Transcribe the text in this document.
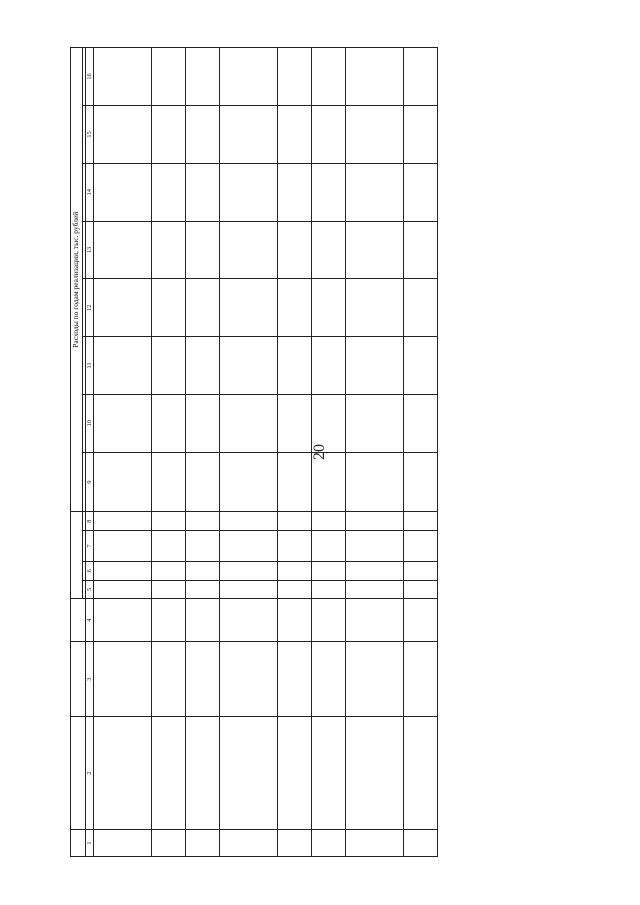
20
								Расходы по годам реализации, тыс. рублей							

1	2	3	4	5	6	7	8	9	10	11	12	13	14	15	16
